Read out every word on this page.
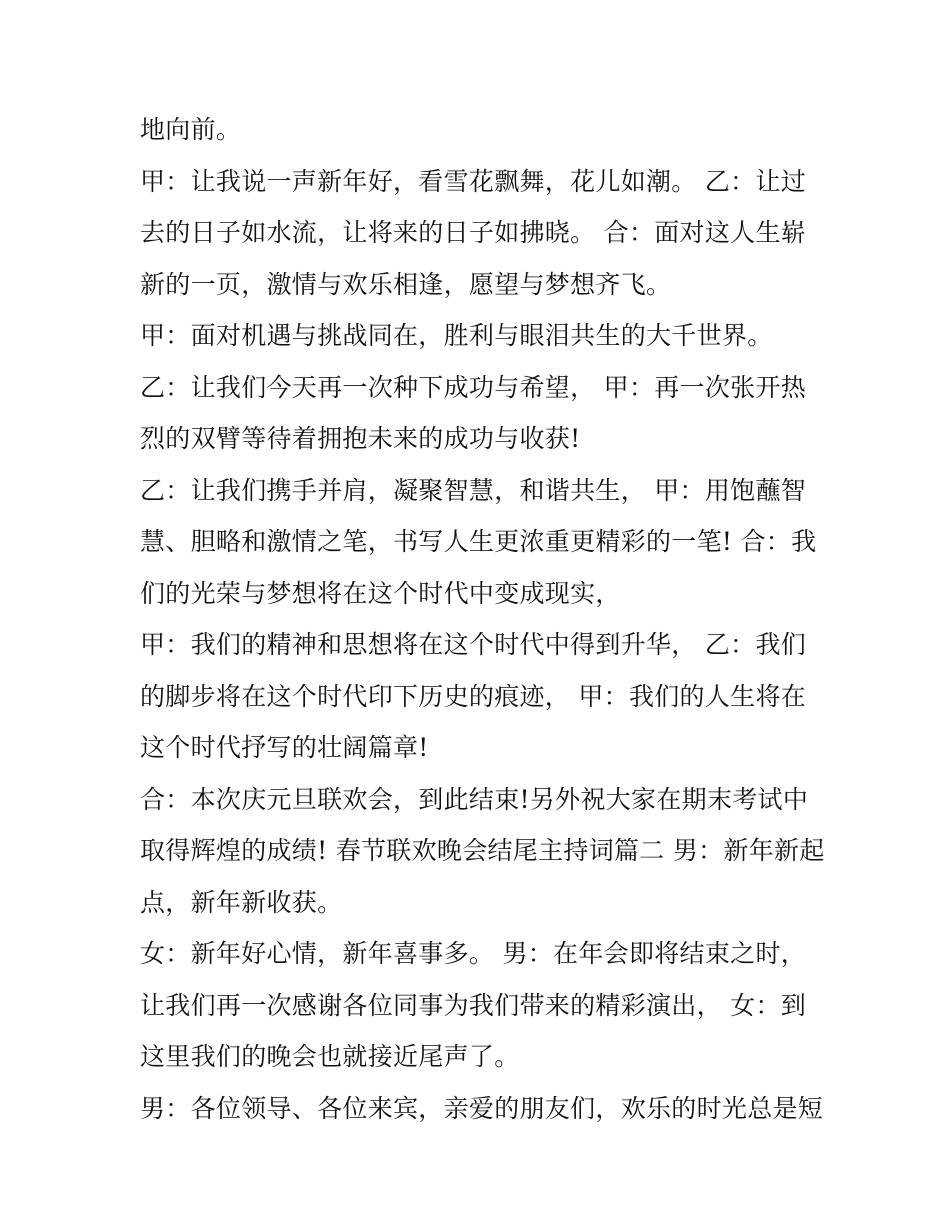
地向前。
甲：让我说一声新年好，看雪花飘舞，花儿如潮。 乙：让过
去的日子如水流，让将来的日子如拂晓。 合：面对这人生崭
新的一页，激情与欢乐相逢，愿望与梦想齐飞。
甲：面对机遇与挑战同在，胜利与眼泪共生的大千世界。
乙：让我们今天再一次种下成功与希望， 甲：再一次张开热
烈的双臂等待着拥抱未来的成功与收获!
乙：让我们携手并肩，凝聚智慧，和谐共生， 甲：用饱蘸智
慧、胆略和激情之笔，书写人生更浓重更精彩的一笔! 合：我
们的光荣与梦想将在这个时代中变成现实，
甲：我们的精神和思想将在这个时代中得到升华， 乙：我们
的脚步将在这个时代印下历史的痕迹， 甲：我们的人生将在
这个时代抒写的壮阔篇章!
合：本次庆元旦联欢会，到此结束!另外祝大家在期末考试中
取得辉煌的成绩! 春节联欢晚会结尾主持词篇二 男：新年新起
点，新年新收获。
女：新年好心情，新年喜事多。 男：在年会即将结束之时，
让我们再一次感谢各位同事为我们带来的精彩演出， 女：到
这里我们的晚会也就接近尾声了。
男：各位领导、各位来宾，亲爱的朋友们，欢乐的时光总是短
